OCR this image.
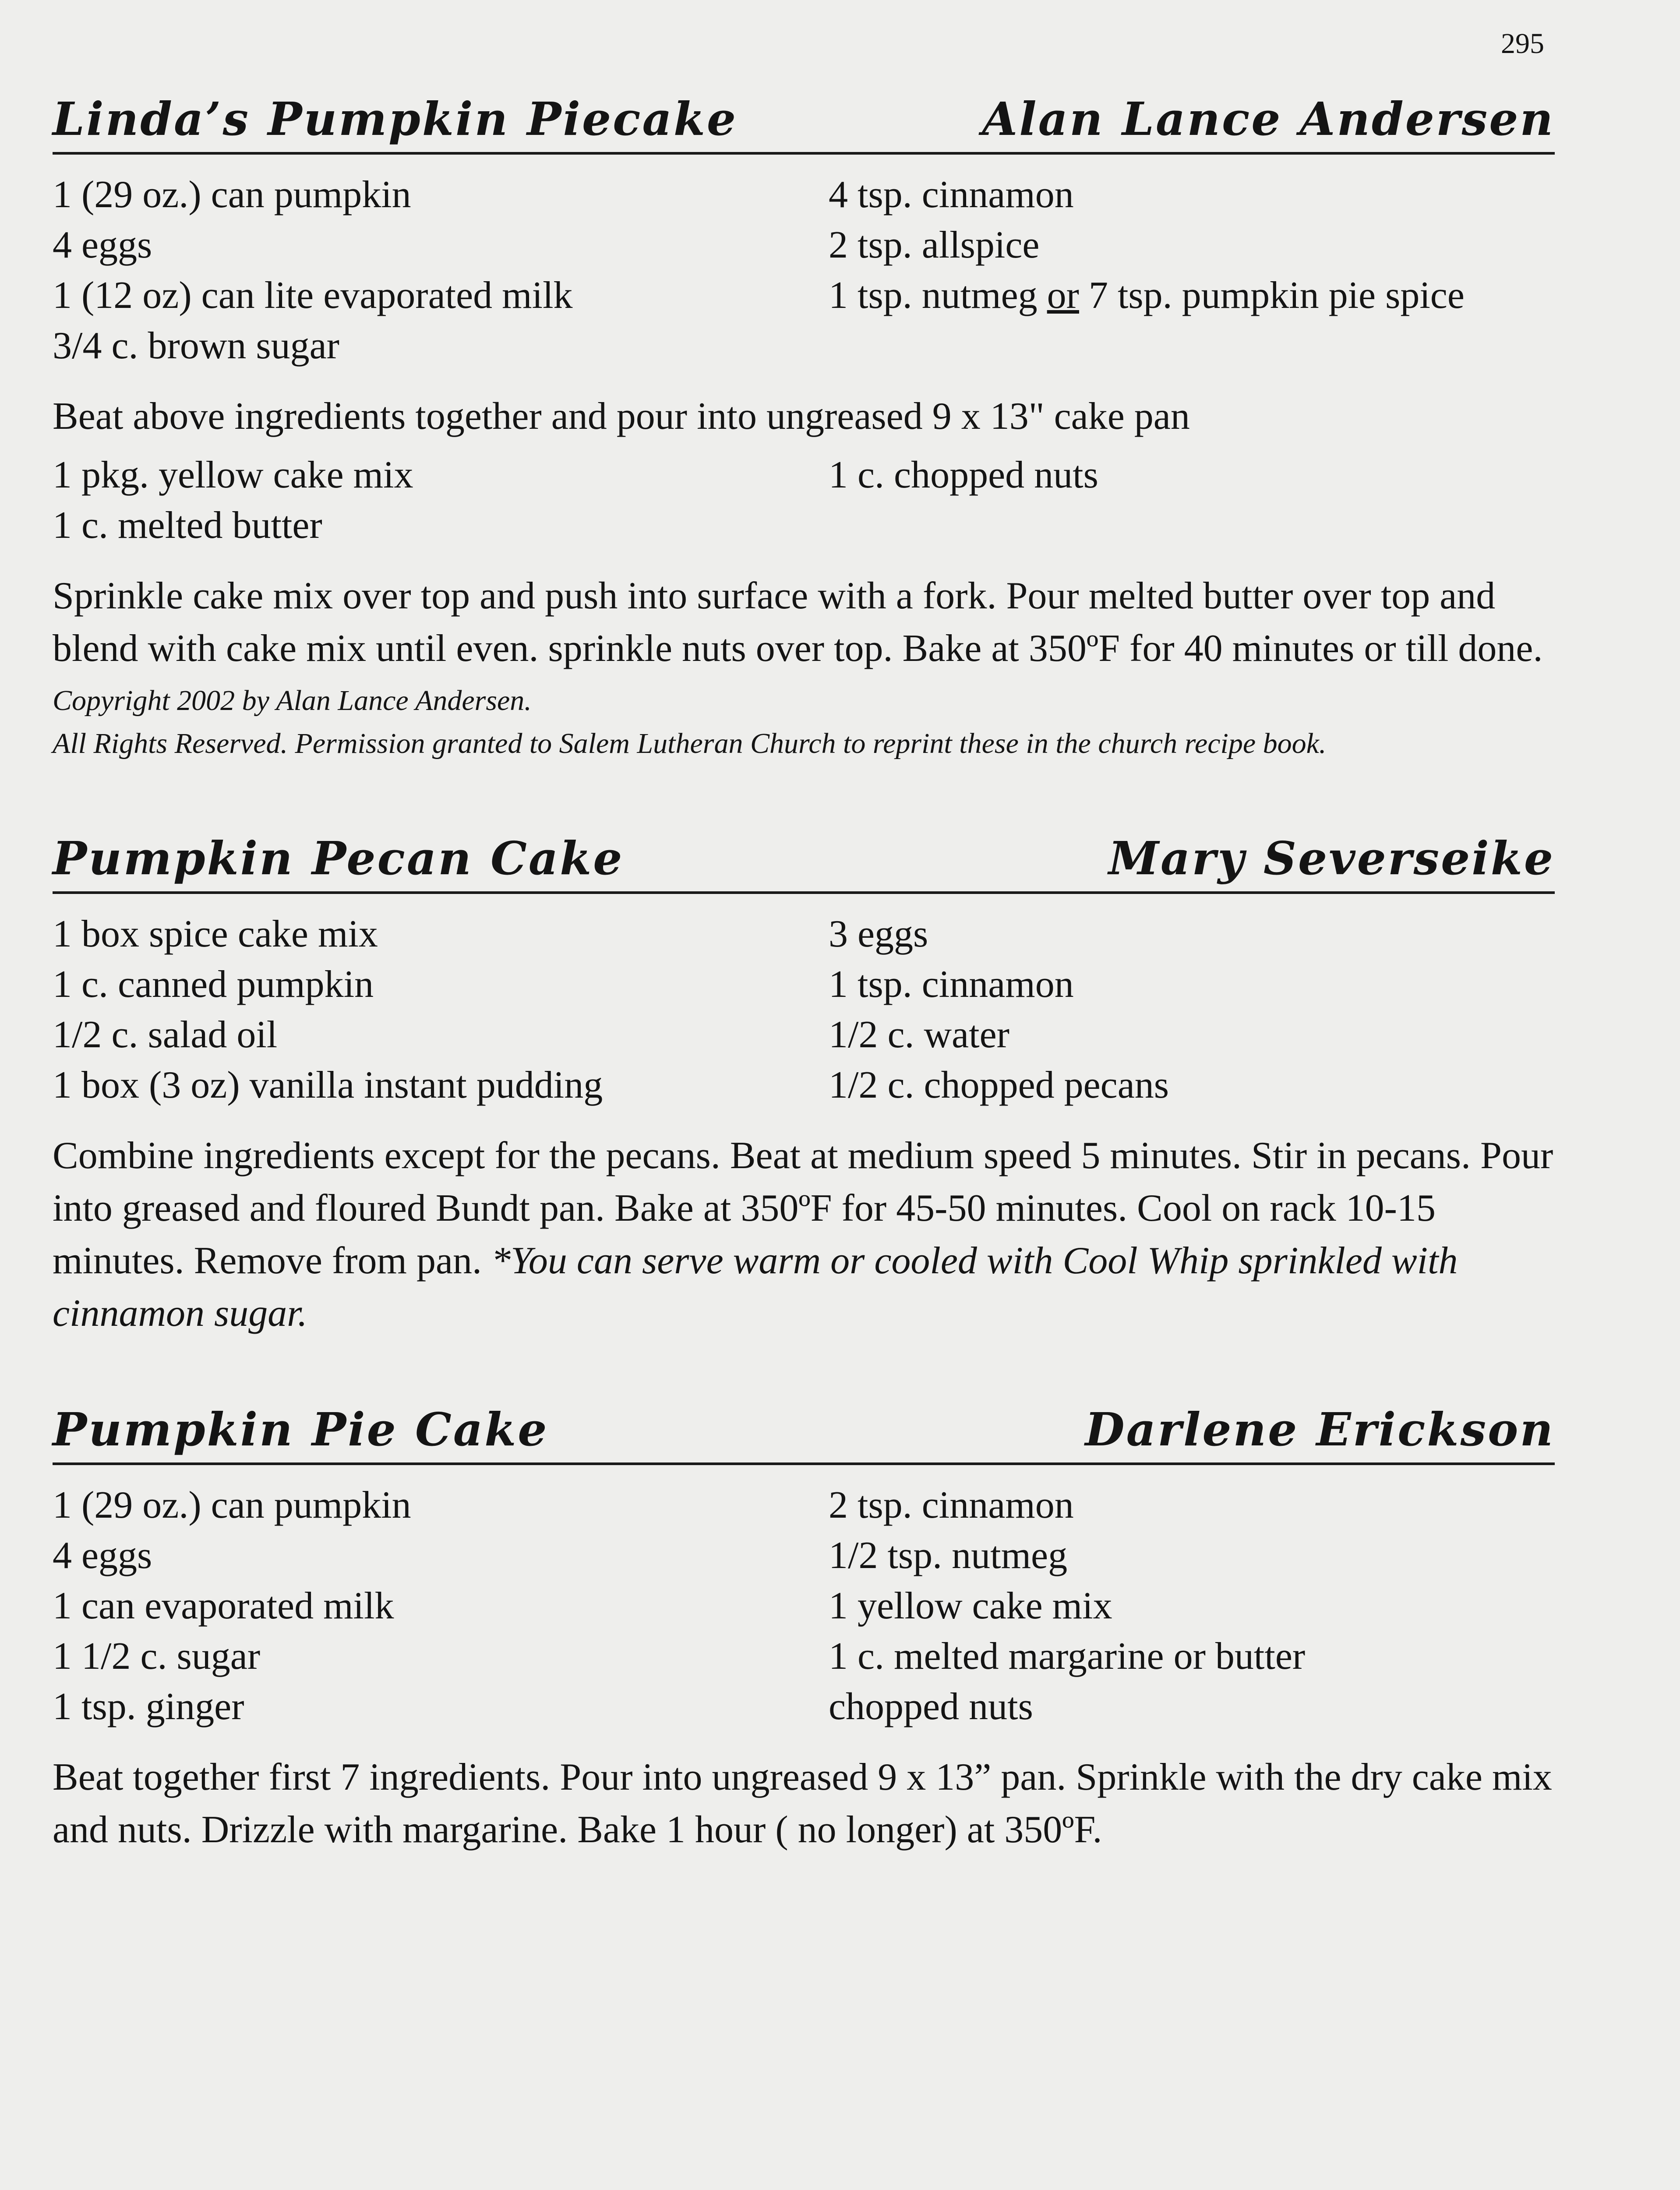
295
Linda’s Pumpkin Piecake	Alan Lance Andersen
1 (29 oz.) can pumpkin
4 eggs
1 (12 oz) can lite evaporated milk
3/4 c. brown sugar
4 tsp. cinnamon
2 tsp. allspice
1 tsp. nutmeg or 7 tsp. pumpkin pie spice
Beat above ingredients together and pour into ungreased 9 x 13" cake pan
1 pkg. yellow cake mix
1 c. melted butter
1 c. chopped nuts
Sprinkle cake mix over top and push into surface with a fork. Pour melted butter over top and blend with cake mix until even. sprinkle nuts over top. Bake at 350ºF for 40 minutes or till done.
Copyright 2002 by Alan Lance Andersen.
All Rights Reserved. Permission granted to Salem Lutheran Church to reprint these in the church recipe book.
Pumpkin Pecan Cake	Mary Severseike
1 box spice cake mix
1 c. canned pumpkin
1/2 c. salad oil
1 box (3 oz) vanilla instant pudding
3 eggs
1 tsp. cinnamon
1/2 c. water
1/2 c. chopped pecans
Combine ingredients except for the pecans. Beat at medium speed 5 minutes. Stir in pecans. Pour into greased and floured Bundt pan. Bake at 350ºF for 45-50 minutes. Cool on rack 10-15 minutes. Remove from pan. *You can serve warm or cooled with Cool Whip sprinkled with cinnamon sugar.
Pumpkin Pie Cake	Darlene Erickson
1 (29 oz.) can pumpkin
4 eggs
1 can evaporated milk
1 1/2 c. sugar
1 tsp. ginger
2 tsp. cinnamon
1/2 tsp. nutmeg
1 yellow cake mix
1 c. melted margarine or butter
chopped nuts
Beat together first 7 ingredients. Pour into ungreased 9 x 13” pan. Sprinkle with the dry cake mix and nuts. Drizzle with margarine. Bake 1 hour ( no longer) at 350ºF.
